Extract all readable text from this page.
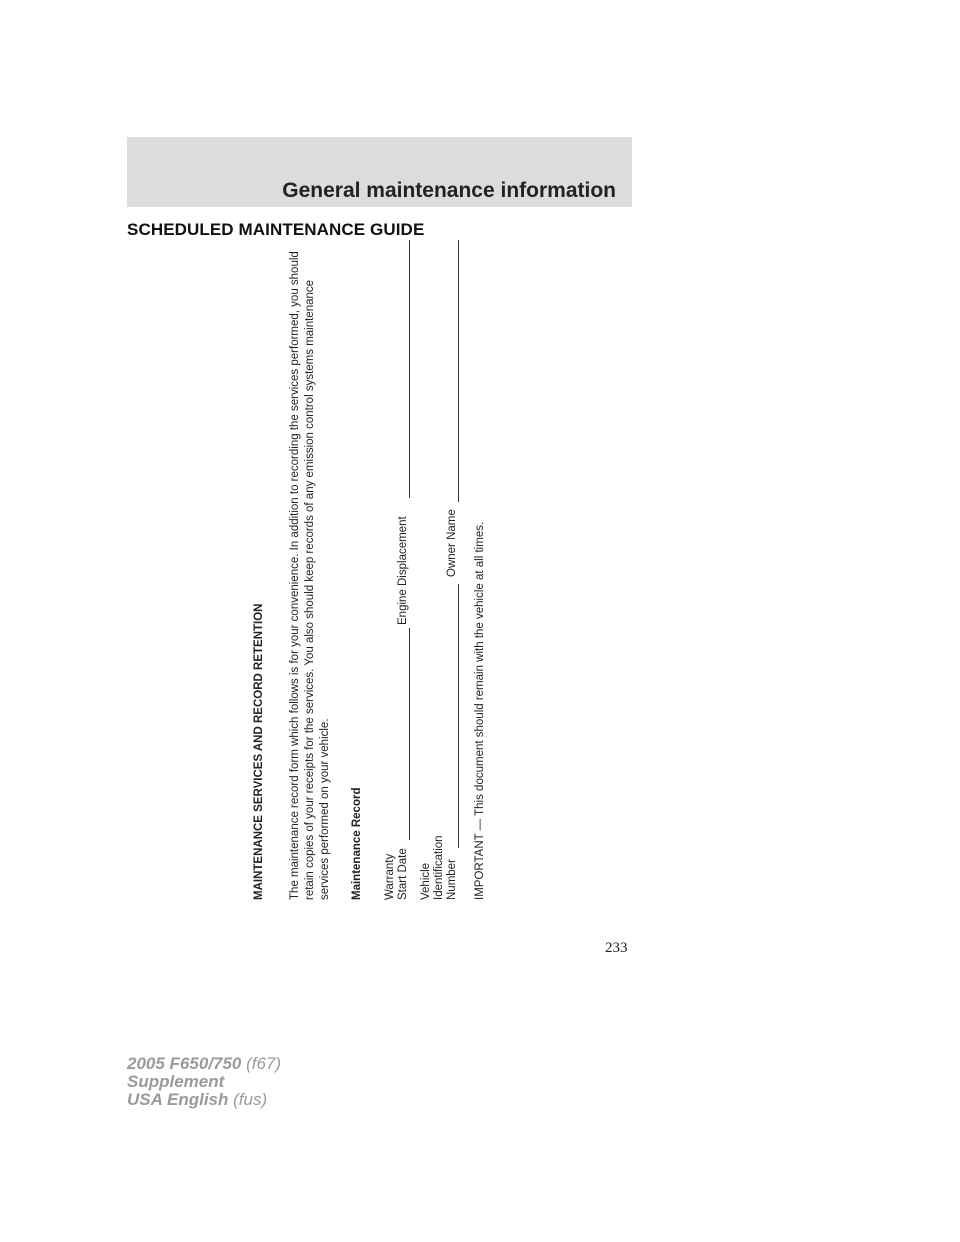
General maintenance information
SCHEDULED MAINTENANCE GUIDE
MAINTENANCE SERVICES AND RECORD RETENTION The maintenance record form which follows is for your convenience. In addition to recording the services performed, you should retain copies of your receipts for the services. You also should keep records of any emission control systems maintenance services performed on your vehicle. Maintenance Record Warranty Start Date
Engine Displacement
Vehicle Identification Number
Owner Name IMPORTANT — This document should remain with the vehicle at all times.
233
2005 F650/750 (f67)
Supplement
USA English (fus)
